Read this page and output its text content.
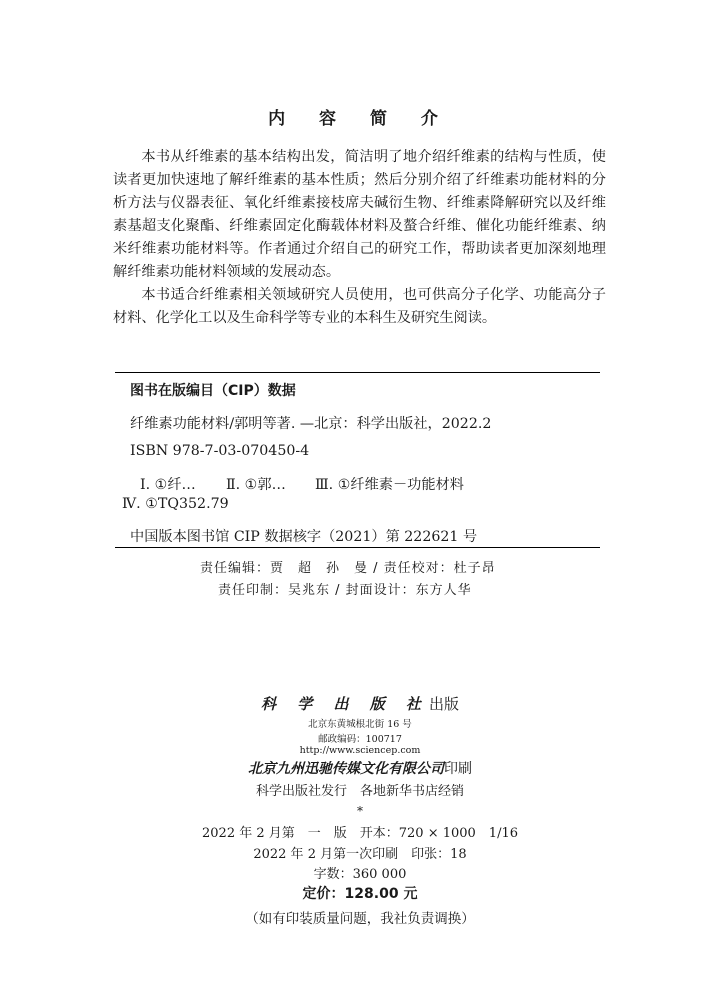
内 容 简 介

本书从纤维素的基本结构出发，简洁明了地介绍纤维素的结构与性质，使读者更加快速地了解纤维素的基本性质；然后分别介绍了纤维素功能材料的分析方法与仪器表征、氧化纤维素接枝席夫碱衍生物、纤维素降解研究以及纤维素基超支化聚酯、纤维素固定化酶载体材料及螯合纤维、催化功能纤维素、纳米纤维素功能材料等。作者通过介绍自己的研究工作，帮助读者更加深刻地理解纤维素功能材料领域的发展动态。

本书适合纤维素相关领域研究人员使用，也可供高分子化学、功能高分子材料、化学化工以及生命科学等专业的本科生及研究生阅读。

图书在版编目（CIP）数据
纤维素功能材料/郭明等著. —北京：科学出版社，2022.2
ISBN 978-7-03-070450-4
Ⅰ. ①纤… Ⅱ. ①郭… Ⅲ. ①纤维素－功能材料
Ⅳ. ①TQ352.79
中国版本图书馆 CIP 数据核字（2021）第 222621 号
责任编辑：贾　超　孙　曼 / 责任校对：杜子昂
责任印制：吴兆东 / 封面设计：东方人华
科 学 出 版 社出版
北京东黄城根北街 16 号
邮政编码：100717
http://www.sciencep.com
北京九州迅驰传媒文化有限公司印刷
科学出版社发行　各地新华书店经销
*
2022 年 2 月第　一　版　开本：720 × 1000　1/16
2022 年 2 月第一次印刷　印张：18
字数：360 000
定价：128.00 元
（如有印装质量问题，我社负责调换）
